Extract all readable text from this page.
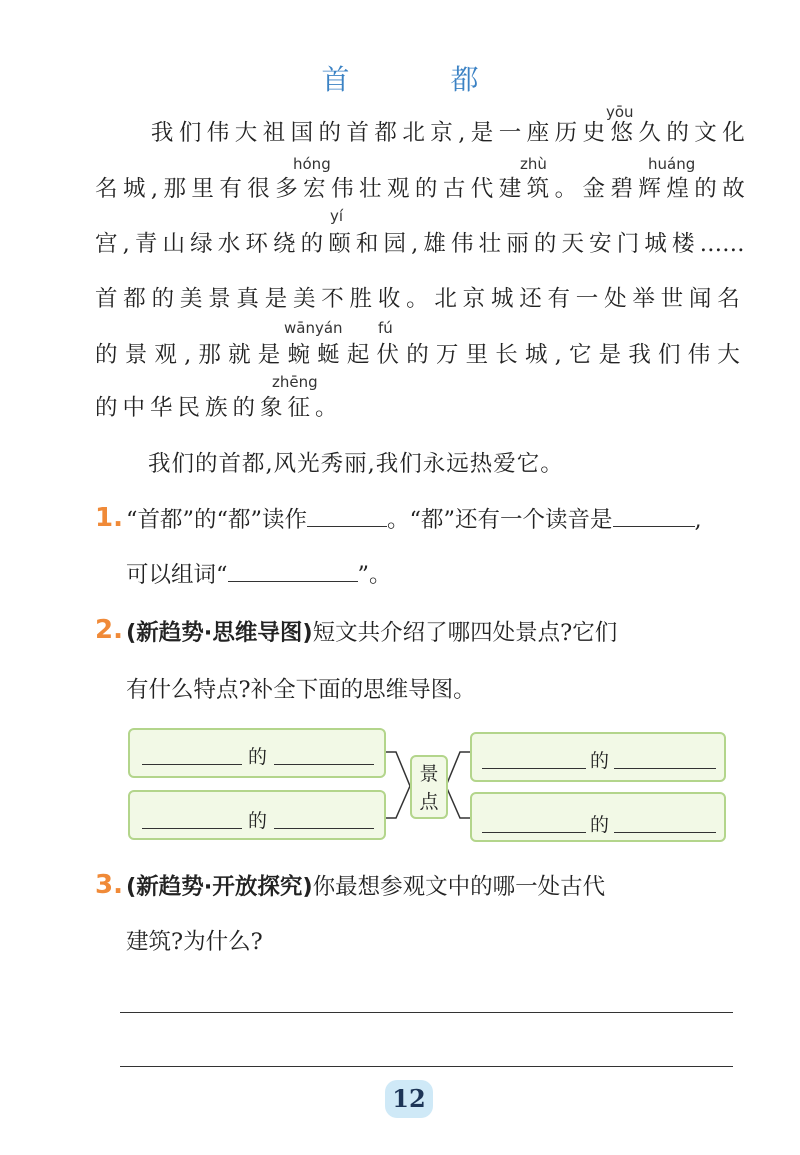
首 都
yōu
hóng	zhù	huáng
yí
wānyán fú
zhēng

我 们 伟 大 祖 国 的 首 都 北 京 , 是 一 座 历 史 悠 久 的 文 化
名 城 , 那 里 有 很 多 宏 伟 壮 观 的 古 代 建 筑 。 金 碧 辉 煌 的 故
宫 , 青 山 绿 水 环 绕 的 颐 和 园 , 雄 伟 壮 丽 的 天 安 门 城 楼 ……
首 都 的 美 景 真 是 美 不 胜 收 。 北 京 城 还 有 一 处 举 世 闻 名
的 景 观 , 那 就 是 蜿 蜒 起 伏 的 万 里 长 城 , 它 是 我 们 伟 大
的中华民族的象征。
我们的首都,风光秀丽,我们永远热爱它。
1. “首都”的“都”读作	。“都”还有一个读音是	,
可以组词“	”。
2. (新趋势·思维导图)短文共介绍了哪四处景点?它们
有什么特点?补全下面的思维导图。
的
的
景
点
的
的
3. (新趋势·开放探究)你最想参观文中的哪一处古代
建筑?为什么?
12
